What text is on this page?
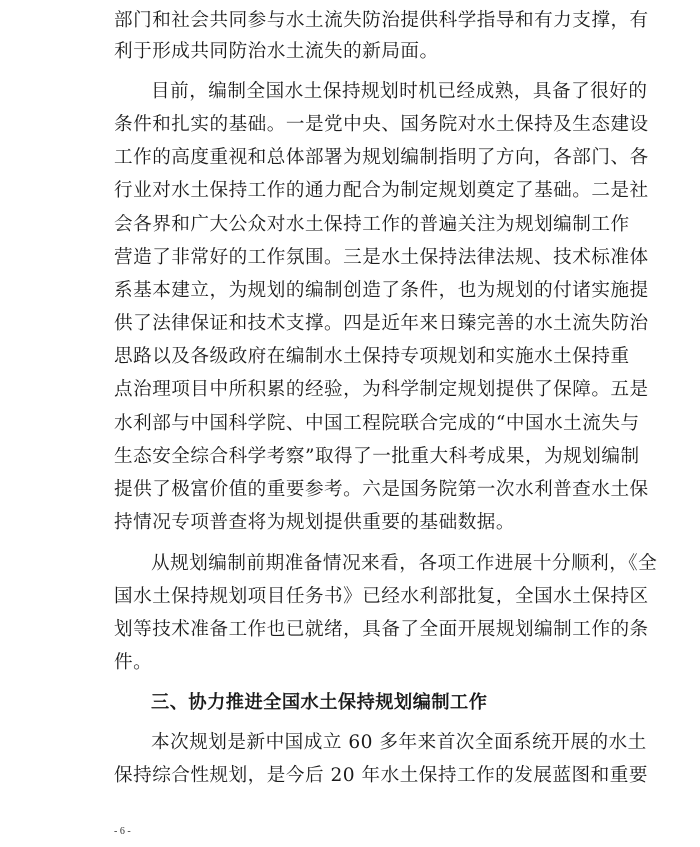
部门和社会共同参与水土流失防治提供科学指导和有力支撑，有
利于形成共同防治水土流失的新局面。
目前，编制全国水土保持规划时机已经成熟，具备了很好的
条件和扎实的基础。一是党中央、国务院对水土保持及生态建设
工作的高度重视和总体部署为规划编制指明了方向，各部门、各
行业对水土保持工作的通力配合为制定规划奠定了基础。二是社
会各界和广大公众对水土保持工作的普遍关注为规划编制工作
营造了非常好的工作氛围。三是水土保持法律法规、技术标准体
系基本建立，为规划的编制创造了条件，也为规划的付诸实施提
供了法律保证和技术支撑。四是近年来日臻完善的水土流失防治
思路以及各级政府在编制水土保持专项规划和实施水土保持重
点治理项目中所积累的经验，为科学制定规划提供了保障。五是
水利部与中国科学院、中国工程院联合完成的“中国水土流失与
生态安全综合科学考察”取得了一批重大科考成果，为规划编制
提供了极富价值的重要参考。六是国务院第一次水利普查水土保
持情况专项普查将为规划提供重要的基础数据。
从规划编制前期准备情况来看，各项工作进展十分顺利，《全
国水土保持规划项目任务书》已经水利部批复，全国水土保持区
划等技术准备工作也已就绪，具备了全面开展规划编制工作的条
件。
三、协力推进全国水土保持规划编制工作
本次规划是新中国成立 60 多年来首次全面系统开展的水土
保持综合性规划，是今后 20 年水土保持工作的发展蓝图和重要
- 6 -
